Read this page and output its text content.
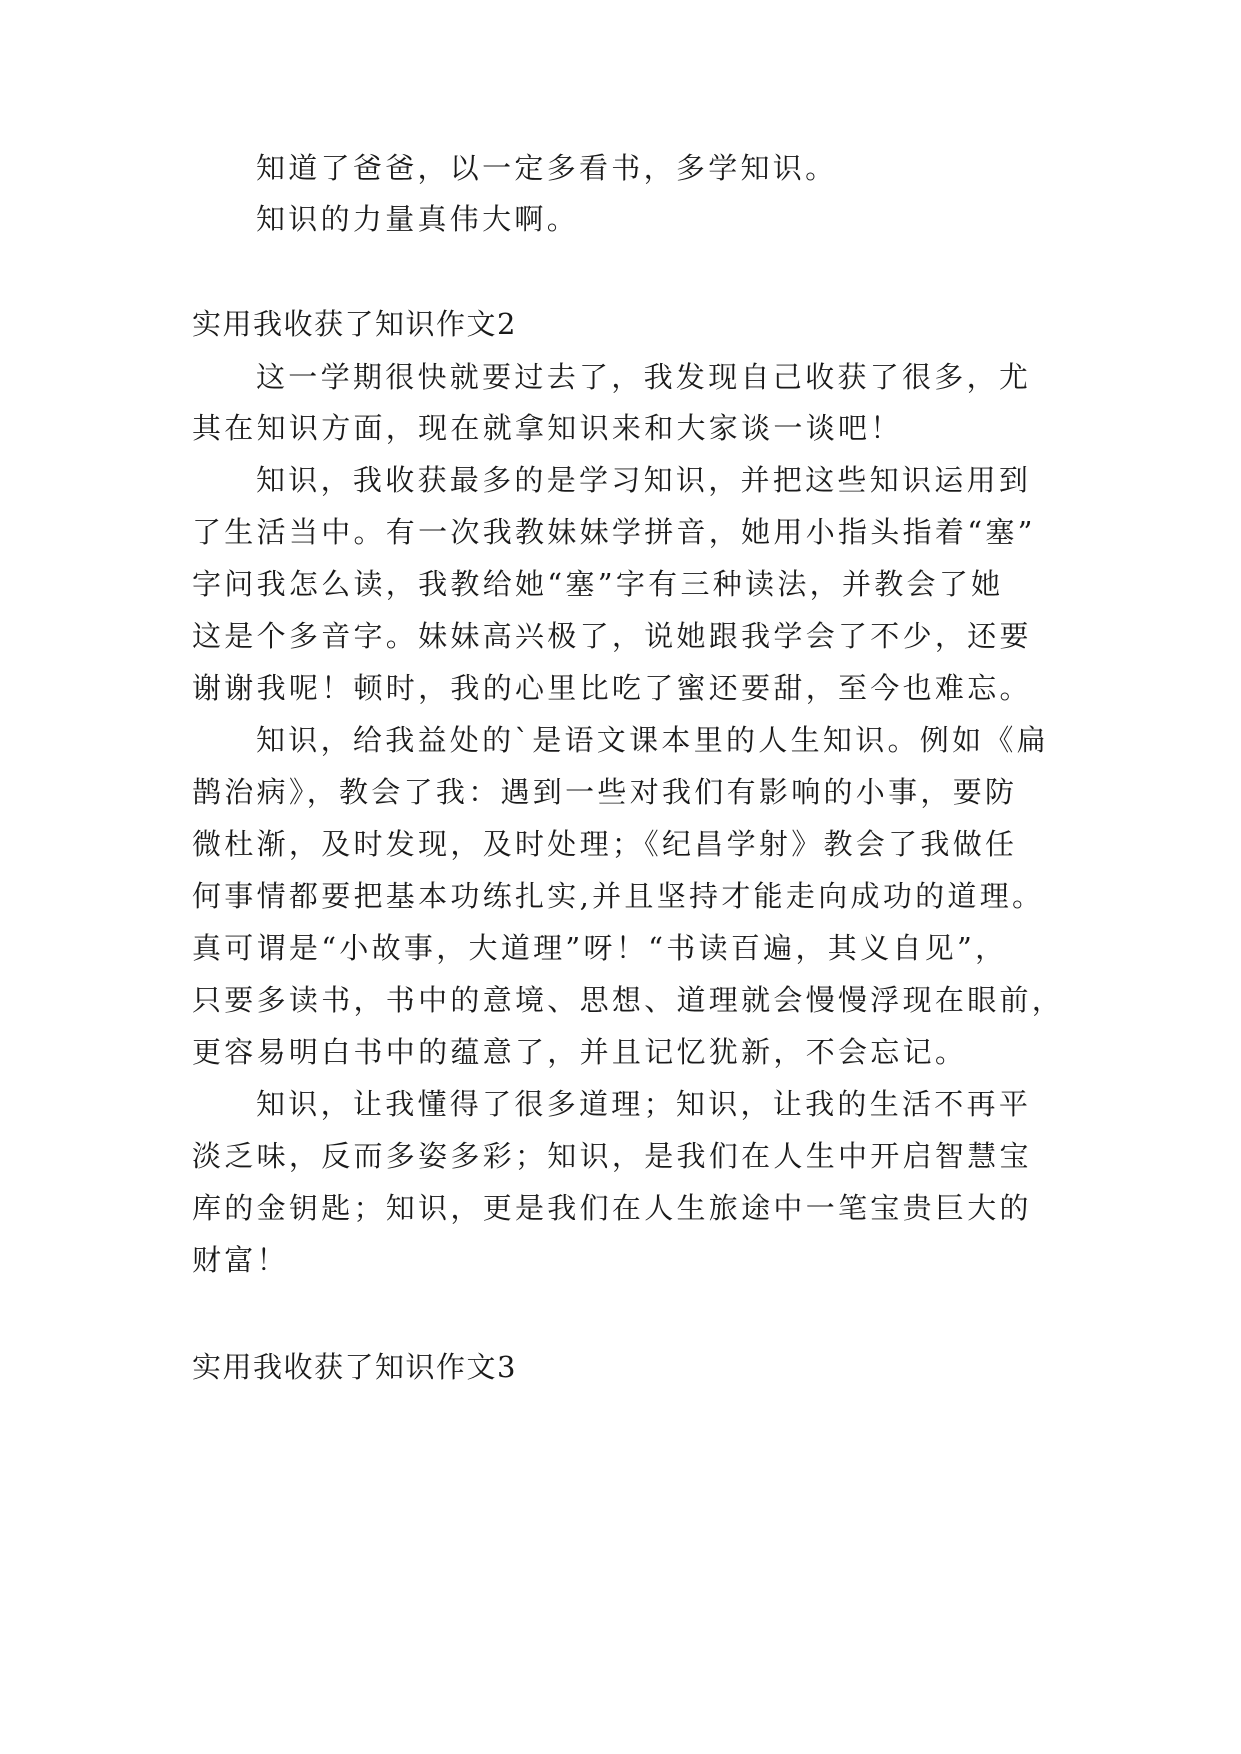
知道了爸爸，以一定多看书，多学知识。
知识的力量真伟大啊。
实用我收获了知识作文2
这一学期很快就要过去了，我发现自己收获了很多，尤
其在知识方面，现在就拿知识来和大家谈一谈吧！
知识，我收获最多的是学习知识，并把这些知识运用到
了生活当中。有一次我教妹妹学拼音，她用小指头指着“塞”
字问我怎么读，我教给她“塞”字有三种读法，并教会了她
这是个多音字。妹妹高兴极了，说她跟我学会了不少，还要
谢谢我呢！顿时，我的心里比吃了蜜还要甜，至今也难忘。
知识，给我益处的`是语文课本里的人生知识。例如《扁
鹊治病》，教会了我：遇到一些对我们有影响的小事，要防
微杜渐，及时发现，及时处理；《纪昌学射》教会了我做任
何事情都要把基本功练扎实,并且坚持才能走向成功的道理。
真可谓是“小故事，大道理”呀！“书读百遍，其义自见”，
只要多读书，书中的意境、思想、道理就会慢慢浮现在眼前，
更容易明白书中的蕴意了，并且记忆犹新，不会忘记。
知识，让我懂得了很多道理；知识，让我的生活不再平
淡乏味，反而多姿多彩；知识，是我们在人生中开启智慧宝
库的金钥匙；知识，更是我们在人生旅途中一笔宝贵巨大的
财富！
实用我收获了知识作文3
